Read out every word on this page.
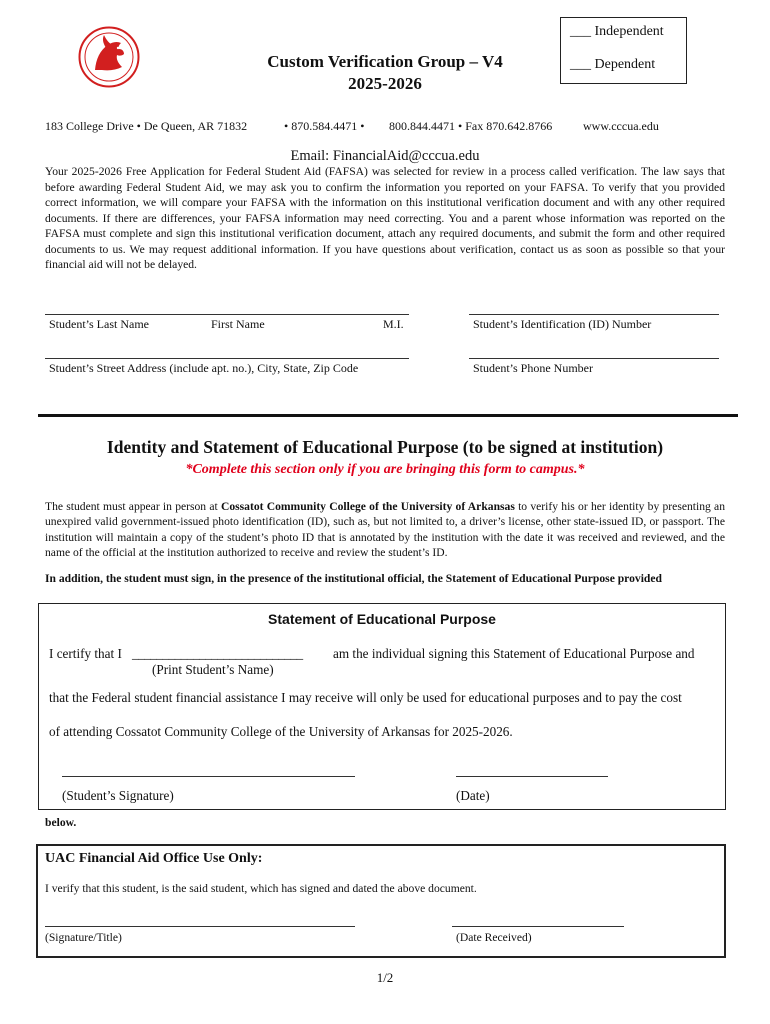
Custom Verification Group – V4
2025-2026
___ Independent
___ Dependent
183 College Drive • De Queen, AR 71832	• 870.584.4471 • 800.844.4471 • Fax 870.642.8766	www.cccua.edu
Email: FinancialAid@cccua.edu
Your 2025-2026 Free Application for Federal Student Aid (FAFSA) was selected for review in a process called verification. The law says that before awarding Federal Student Aid, we may ask you to confirm the information you reported on your FAFSA. To verify that you provided correct information, we will compare your FAFSA with the information on this institutional verification document and with any other required documents. If there are differences, your FAFSA information may need correcting. You and a parent whose information was reported on the FAFSA must complete and sign this institutional verification document, attach any required documents, and submit the form and other required documents to us. We may request additional information. If you have questions about verification, contact us as soon as possible so that your financial aid will not be delayed.
Student’s Last Name	First Name	M.I.	Student’s Identification (ID) Number
Student’s Street Address (include apt. no.), City, State, Zip Code	Student’s Phone Number
Identity and Statement of Educational Purpose (to be signed at institution)
*Complete this section only if you are bringing this form to campus.*
The student must appear in person at Cossatot Community College of the University of Arkansas to verify his or her identity by presenting an unexpired valid government-issued photo identification (ID), such as, but not limited to, a driver’s license, other state-issued ID, or passport. The institution will maintain a copy of the student’s photo ID that is annotated by the institution with the date it was received and reviewed, and the name of the official at the institution authorized to receive and review the student’s ID.
In addition, the student must sign, in the presence of the institutional official, the Statement of Educational Purpose provided
Statement of Educational Purpose
I certify that I ____________________________ am the individual signing this Statement of Educational Purpose and
(Print Student’s Name)
that the Federal student financial assistance I may receive will only be used for educational purposes and to pay the cost
of attending Cossatot Community College of the University of Arkansas for 2025-2026.
(Student’s Signature)	(Date)
below.
UAC Financial Aid Office Use Only:
I verify that this student, is the said student, which has signed and dated the above document.
(Signature/Title)	(Date Received)
1/2
